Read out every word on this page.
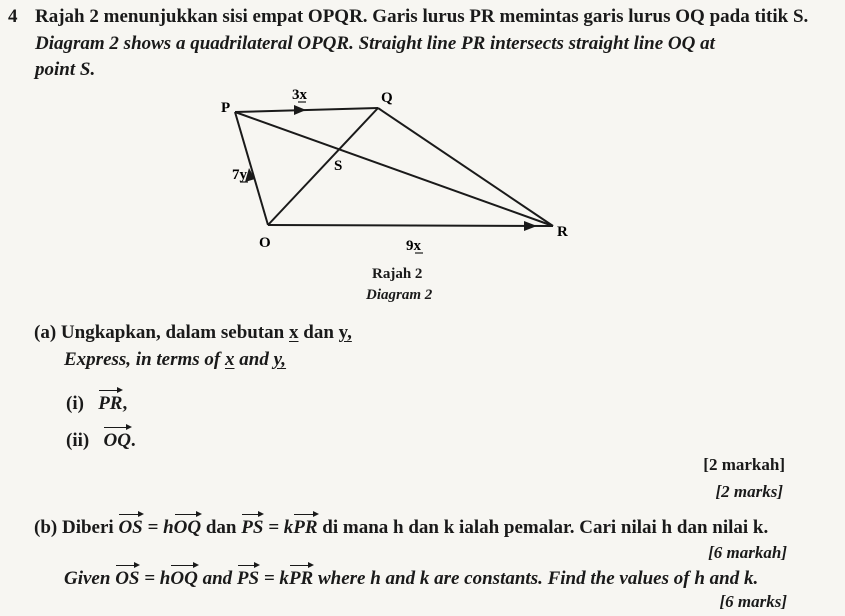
4 Rajah 2 menunjukkan sisi empat OPQR. Garis lurus PR memintas garis lurus OQ pada titik S.
Diagram 2 shows a quadrilateral OPQR. Straight line PR intersects straight line OQ at
point S.
P
Q
R
O
S
3x
7y
9x
Rajah 2
Diagram 2
(a) Ungkapkan, dalam sebutan x dan y,
Express, in terms of x and y,
(i) PR,
(ii) OQ.
[2 markah]
[2 marks]
(b) Diberi OS = hOQ dan PS = kPR di mana h dan k ialah pemalar. Cari nilai h dan nilai k.
[6 markah]
Given OS = hOQ and PS = kPR where h and k are constants. Find the values of h and k.
[6 marks]
